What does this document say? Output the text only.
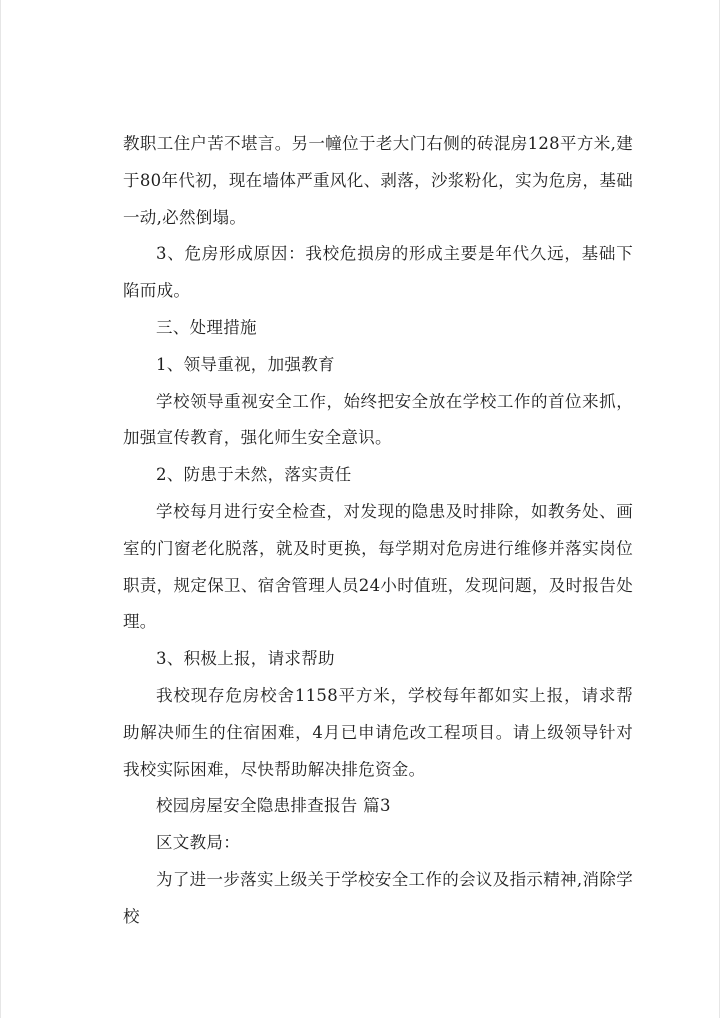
教职工住户苦不堪言。另一幢位于老大门右侧的砖混房128平方米,建于80年代初，现在墙体严重风化、剥落，沙浆粉化，实为危房，基础一动,必然倒塌。

3、危房形成原因：我校危损房的形成主要是年代久远，基础下陷而成。

三、处理措施

1、领导重视，加强教育

学校领导重视安全工作，始终把安全放在学校工作的首位来抓，加强宣传教育，强化师生安全意识。

2、防患于未然，落实责任

学校每月进行安全检查，对发现的隐患及时排除，如教务处、画室的门窗老化脱落，就及时更换，每学期对危房进行维修并落实岗位职责，规定保卫、宿舍管理人员24小时值班，发现问题，及时报告处理。

3、积极上报，请求帮助

我校现存危房校舍1158平方米，学校每年都如实上报，请求帮助解决师生的住宿困难，4月已申请危改工程项目。请上级领导针对我校实际困难，尽快帮助解决排危资金。

校园房屋安全隐患排查报告 篇3

区文教局：

为了进一步落实上级关于学校安全工作的会议及指示精神,消除学校
